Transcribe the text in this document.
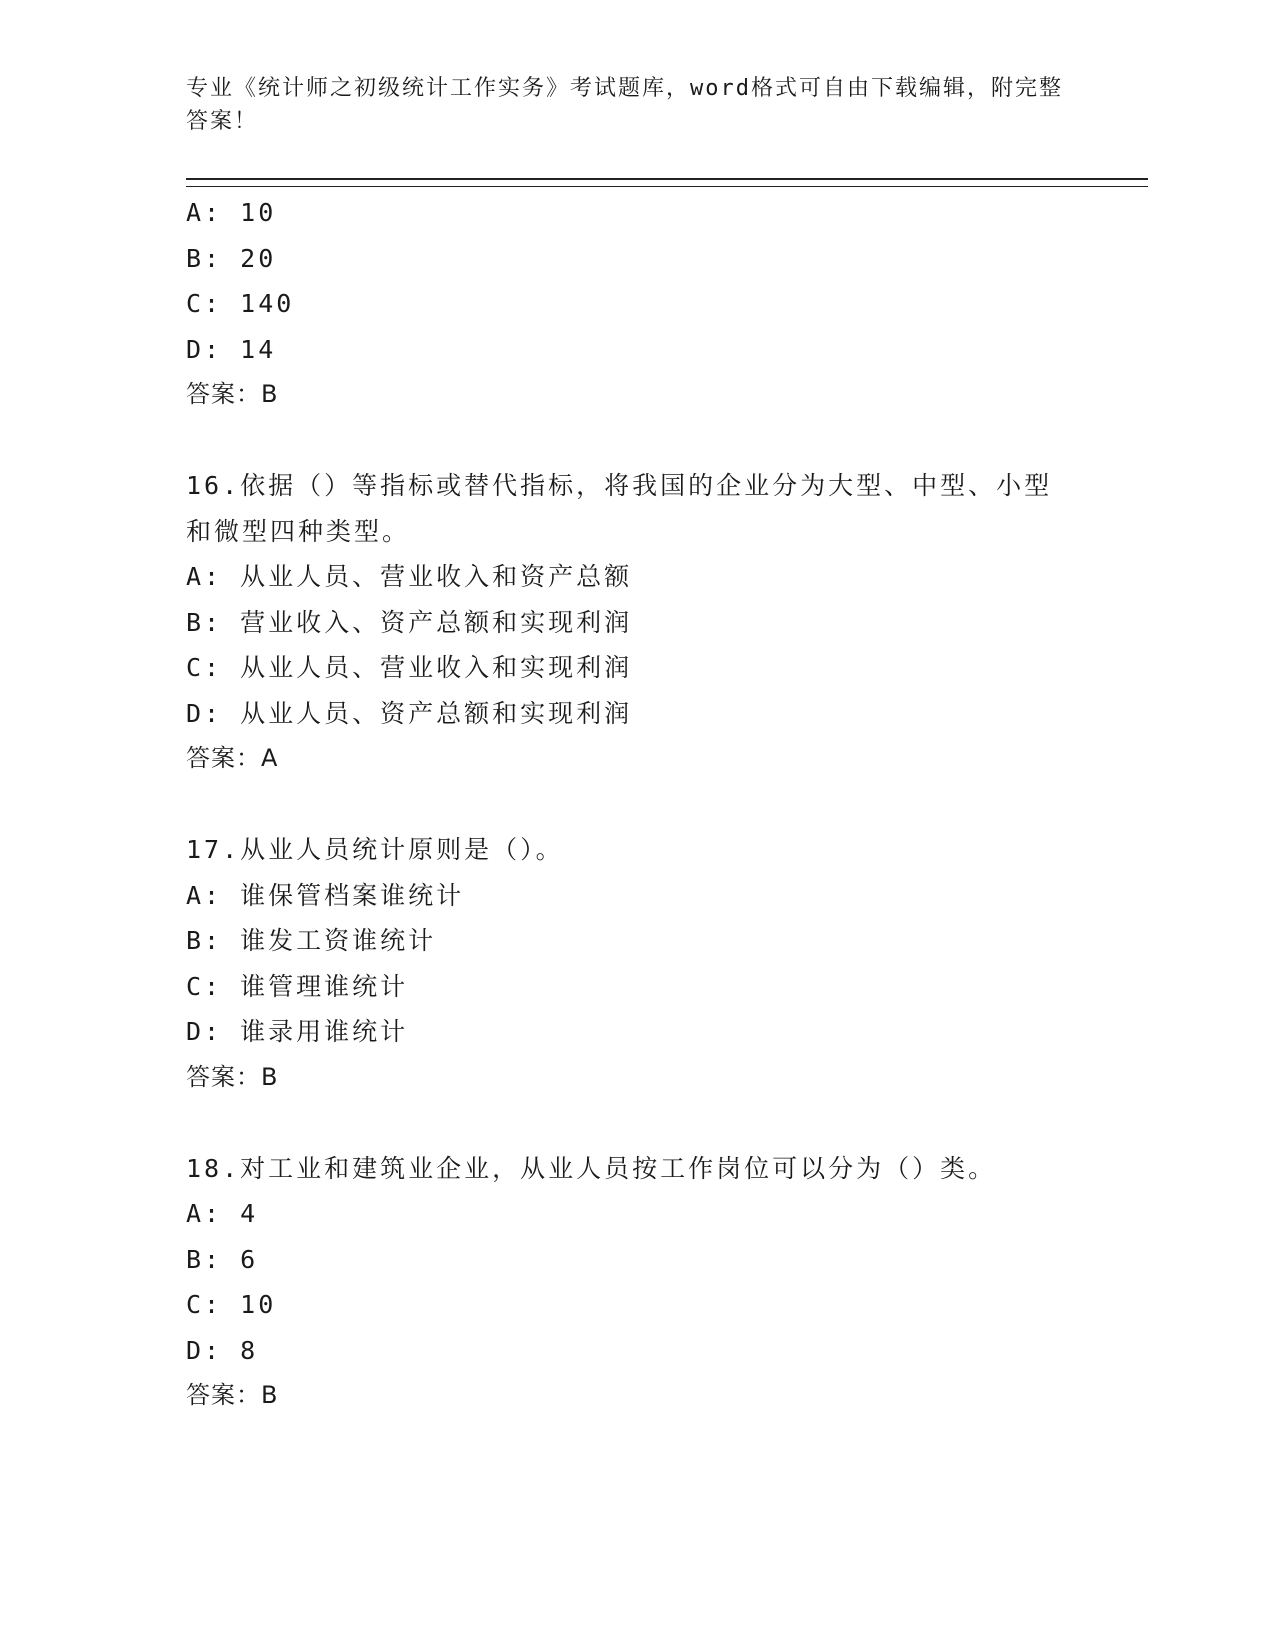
专业《统计师之初级统计工作实务》考试题库，word格式可自由下载编辑，附完整答案！
A: 10
B: 20
C: 140
D: 14
答案：B
16.依据（）等指标或替代指标，将我国的企业分为大型、中型、小型和微型四种类型。
A: 从业人员、营业收入和资产总额
B: 营业收入、资产总额和实现利润
C: 从业人员、营业收入和实现利润
D: 从业人员、资产总额和实现利润
答案：A
17.从业人员统计原则是（）。
A: 谁保管档案谁统计
B: 谁发工资谁统计
C: 谁管理谁统计
D: 谁录用谁统计
答案：B
18.对工业和建筑业企业，从业人员按工作岗位可以分为（）类。
A: 4
B: 6
C: 10
D: 8
答案：B
